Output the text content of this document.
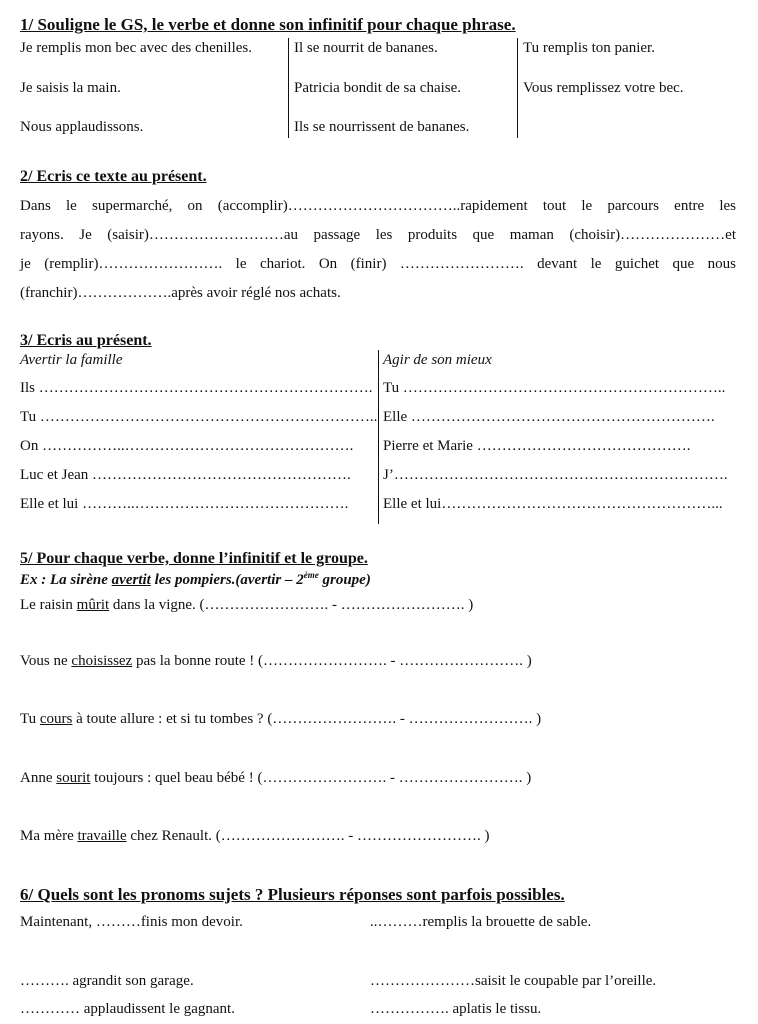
1/ Souligne le GS, le verbe et donne son infinitif pour chaque phrase.
Je remplis mon bec avec des chenilles.
Je saisis la main.
Nous applaudissons.
Il se nourrit de bananes.
Patricia bondit de sa chaise.
Ils se nourrissent de bananes.
Tu remplis ton panier.
Vous remplissez votre bec.
2/ Ecris ce texte au présent.
Dans le supermarché, on (accomplir)……………………………..rapidement tout le parcours entre les
rayons. Je (saisir)………………………au passage les produits que maman (choisir)…………………et
je (remplir)……………………. le chariot. On (finir) ……………………. devant le guichet que nous
(franchir)……………….après avoir réglé nos achats.
3/ Ecris au présent.
Avertir la famille	Agir de son mieux
Ils ………………………………………………………….
Tu …………………………………………………………..
On ……………..……………………………………….
Luc et Jean …………………………………………….
Elle et lui ………..…………………………………….
Tu ………………………………………………………..
Elle …………………………………………………….
Pierre et Marie …………………………………….
J’………………………………………………………….
Elle et lui………………………………………………...
5/ Pour chaque verbe, donne l’infinitif et le groupe.
Ex : La sirène avertit les pompiers.(avertir – 2ème groupe)
Le raisin mûrit dans la vigne. (……………………. - ……………………. )
Vous ne choisissez pas la bonne route ! (……………………. - ……………………. )
Tu cours à toute allure : et si tu tombes ? (……………………. - ……………………. )
Anne sourit toujours : quel beau bébé ! (……………………. - ……………………. )
Ma mère travaille chez Renault. (……………………. - ……………………. )
6/ Quels sont les pronoms sujets ? Plusieurs réponses sont parfois possibles.
Maintenant, ………finis mon devoir.
………. agrandit son garage.
………… applaudissent le gagnant.
..………remplis la brouette de sable.
…………………saisit le coupable par l’oreille.
……………. aplatis le tissu.
